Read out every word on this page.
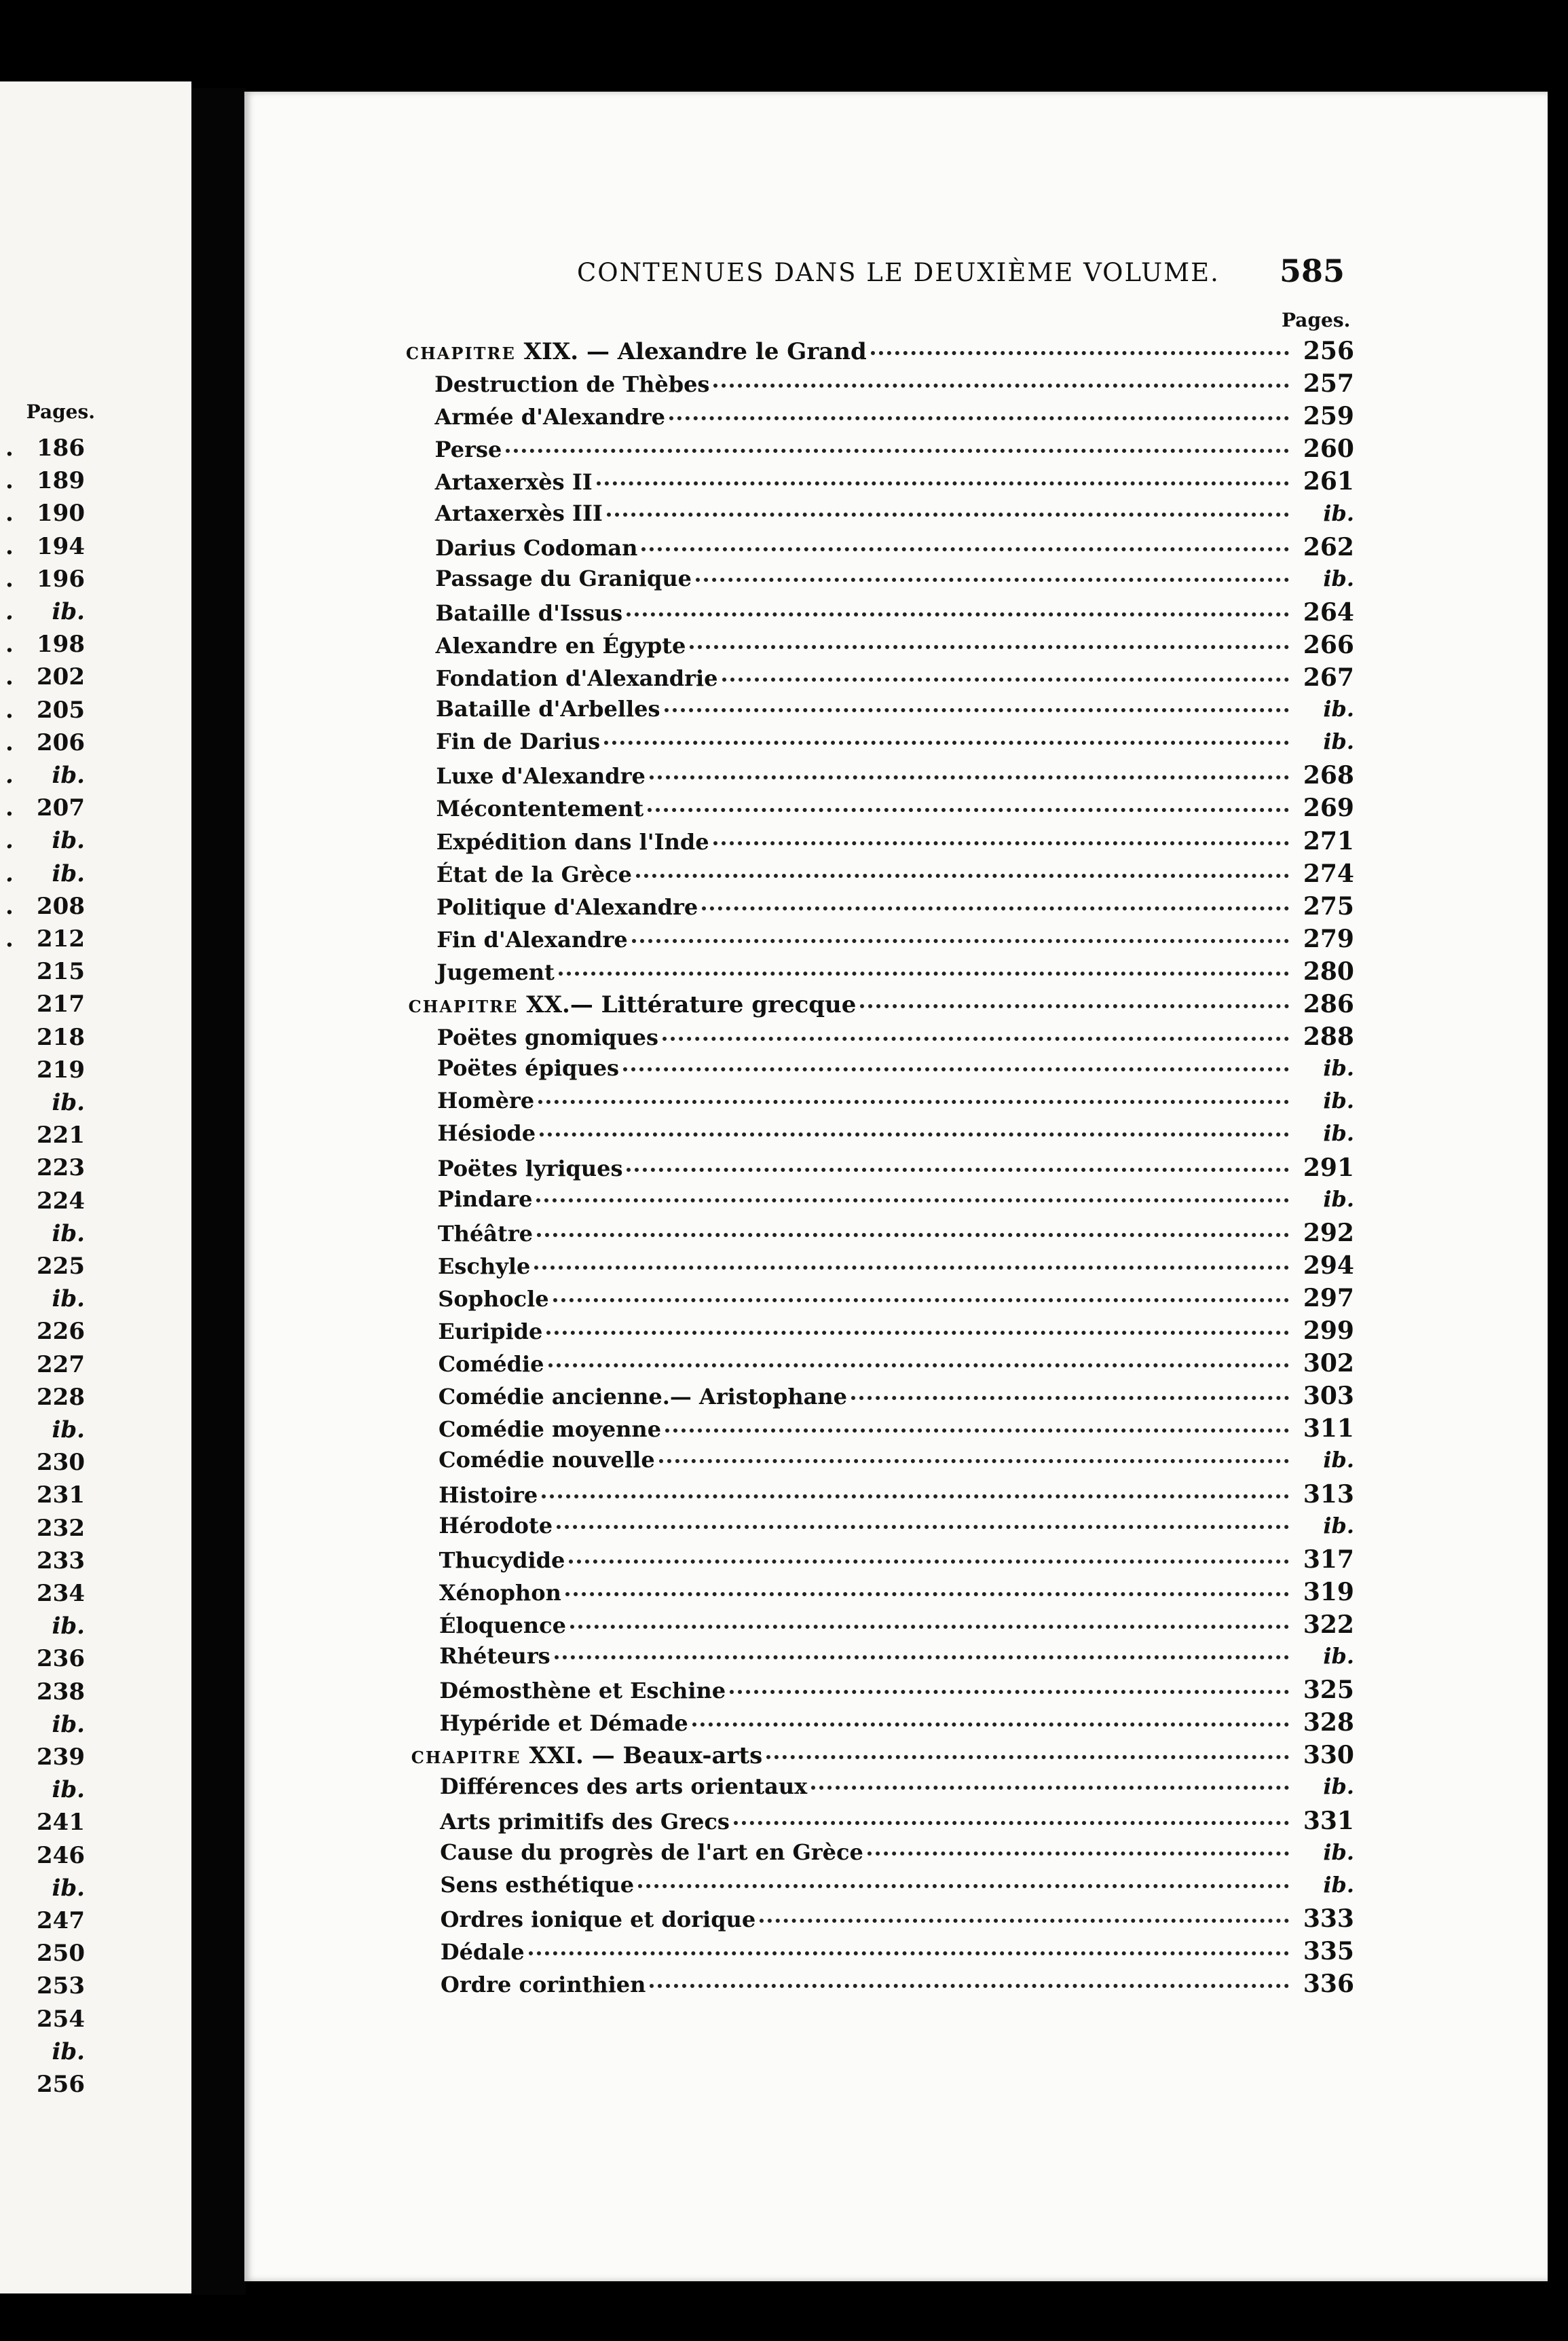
Pages.
. 186
. 189
. 190
. 194
. 196
. ib.
. 198
. 202
. 205
. 206
. ib.
. 207
. ib.
. ib.
. 208
. 212
215
217
218
219
ib.
221
223
224
ib.
225
ib.
226
227
228
ib.
230
231
232
233
234
ib.
236
238
ib.
239
ib.
241
246
ib.
247
250
253
254
ib.
256
CONTENUES DANS LE DEUXIÈME VOLUME. 585
Pages.
CHAPITRE XIX. — Alexandre le Grand	256
Destruction de Thèbes	257
Armée d'Alexandre	259
Perse	260
Artaxerxès II	261
Artaxerxès III	ib.
Darius Codoman	262
Passage du Granique	ib.
Bataille d'Issus	264
Alexandre en Égypte	266
Fondation d'Alexandrie	267
Bataille d'Arbelles	ib.
Fin de Darius	ib.
Luxe d'Alexandre	268
Mécontentement	269
Expédition dans l'Inde	271
État de la Grèce	274
Politique d'Alexandre	275
Fin d'Alexandre	279
Jugement	280
CHAPITRE XX.— Littérature grecque	286
Poëtes gnomiques	288
Poëtes épiques	ib.
Homère	ib.
Hésiode	ib.
Poëtes lyriques	291
Pindare	ib.
Théâtre	292
Eschyle	294
Sophocle	297
Euripide	299
Comédie	302
Comédie ancienne.— Aristophane	303
Comédie moyenne	311
Comédie nouvelle	ib.
Histoire	313
Hérodote	ib.
Thucydide	317
Xénophon	319
Éloquence	322
Rhéteurs	ib.
Démosthène et Eschine	325
Hypéride et Démade	328
CHAPITRE XXI. — Beaux-arts	330
Différences des arts orientaux	ib.
Arts primitifs des Grecs	331
Cause du progrès de l'art en Grèce	ib.
Sens esthétique	ib.
Ordres ionique et dorique	333
Dédale	335
Ordre corinthien	336
